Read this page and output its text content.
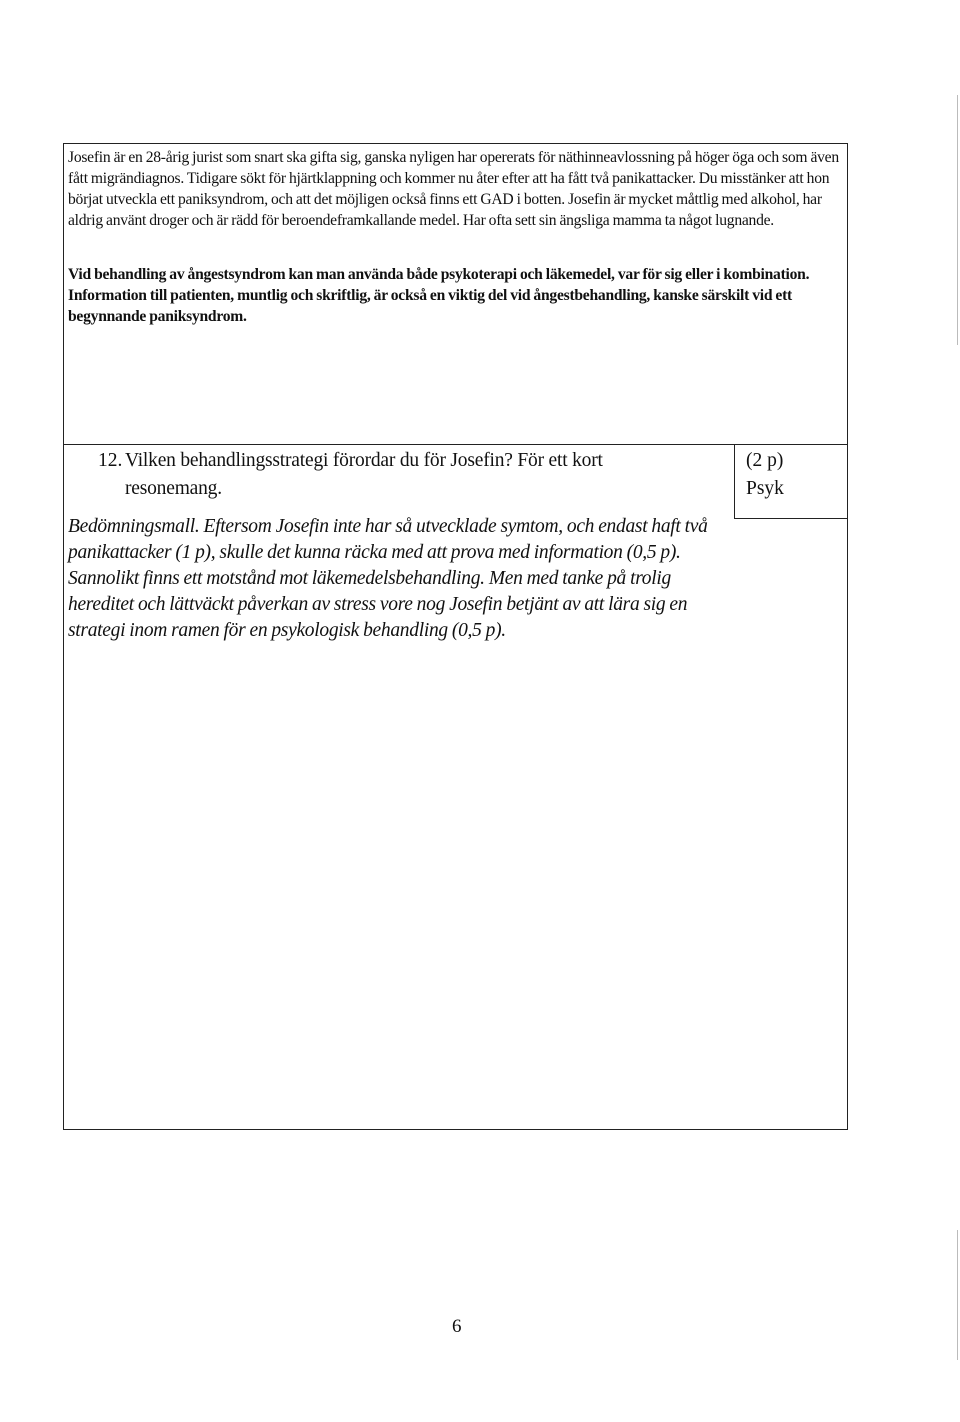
Josefin är en 28-årig jurist som snart ska gifta sig, ganska nyligen har opererats för näthinneavlossning på höger öga och som även fått migrändiagnos. Tidigare sökt för hjärtklappning och kommer nu åter efter att ha fått två panikattacker. Du misstänker att hon börjat utveckla ett paniksyndrom, och att det möjligen också finns ett GAD i botten. Josefin är mycket måttlig med alkohol, har aldrig använt droger och är rädd för beroendeframkallande medel. Har ofta sett sin ängsliga mamma ta något lugnande.

Vid behandling av ångestsyndrom kan man använda både psykoterapi och läkemedel, var för sig eller i kombination. Information till patienten, muntlig och skriftlig, är också en viktig del vid ångestbehandling, kanske särskilt vid ett begynnande paniksyndrom.

12. Vilken behandlingsstrategi förordar du för Josefin? För ett kort resonemang.

(2 p)
Psyk

Bedömningsmall. Eftersom Josefin inte har så utvecklade symtom, och endast haft två panikattacker (1 p), skulle det kunna räcka med att prova med information (0,5 p). Sannolikt finns ett motstånd mot läkemedelsbehandling. Men med tanke på trolig hereditet och lättväckt påverkan av stress vore nog Josefin betjänt av att lära sig en strategi inom ramen för en psykologisk behandling (0,5 p).

6
